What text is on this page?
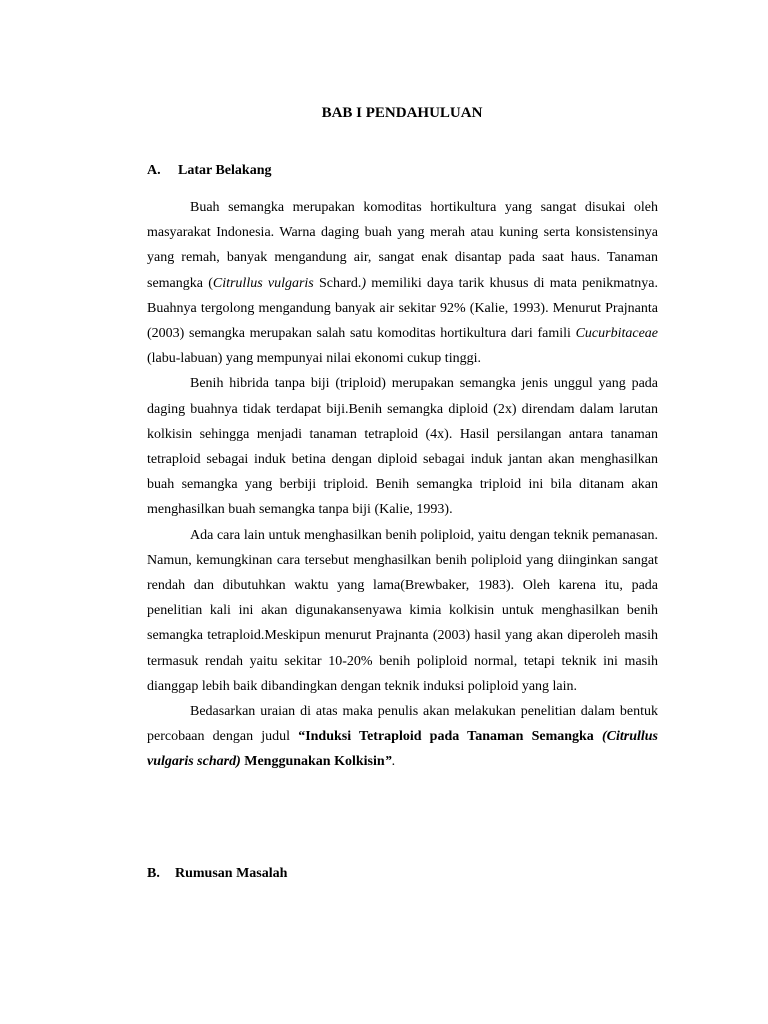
BAB I PENDAHULUAN
A. Latar Belakang

Buah semangka merupakan komoditas hortikultura yang sangat disukai oleh masyarakat Indonesia. Warna daging buah yang merah atau kuning serta konsistensinya yang remah, banyak mengandung air, sangat enak disantap pada saat haus. Tanaman semangka (Citrullus vulgaris Schard.) memiliki daya tarik khusus di mata penikmatnya. Buahnya tergolong mengandung banyak air sekitar 92% (Kalie, 1993). Menurut Prajnanta (2003) semangka merupakan salah satu komoditas hortikultura dari famili Cucurbitaceae (labu-labuan) yang mempunyai nilai ekonomi cukup tinggi.

Benih hibrida tanpa biji (triploid) merupakan semangka jenis unggul yang pada daging buahnya tidak terdapat biji.Benih semangka diploid (2x) direndam dalam larutan kolkisin sehingga menjadi tanaman tetraploid (4x). Hasil persilangan antara tanaman tetraploid sebagai induk betina dengan diploid sebagai induk jantan akan menghasilkan buah semangka yang berbiji triploid. Benih semangka triploid ini bila ditanam akan menghasilkan buah semangka tanpa biji (Kalie, 1993).

Ada cara lain untuk menghasilkan benih poliploid, yaitu dengan teknik pemanasan. Namun, kemungkinan cara tersebut menghasilkan benih poliploid yang diinginkan sangat rendah dan dibutuhkan waktu yang lama(Brewbaker, 1983). Oleh karena itu, pada penelitian kali ini akan digunakansenyawa kimia kolkisin untuk menghasilkan benih semangka tetraploid.Meskipun menurut Prajnanta (2003) hasil yang akan diperoleh masih termasuk rendah yaitu sekitar 10-20% benih poliploid normal, tetapi teknik ini masih dianggap lebih baik dibandingkan dengan teknik induksi poliploid yang lain.

Bedasarkan uraian di atas maka penulis akan melakukan penelitian dalam bentuk percobaan dengan judul “Induksi Tetraploid pada Tanaman Semangka (Citrullus vulgaris schard) Menggunakan Kolkisin”.

B. Rumusan Masalah
